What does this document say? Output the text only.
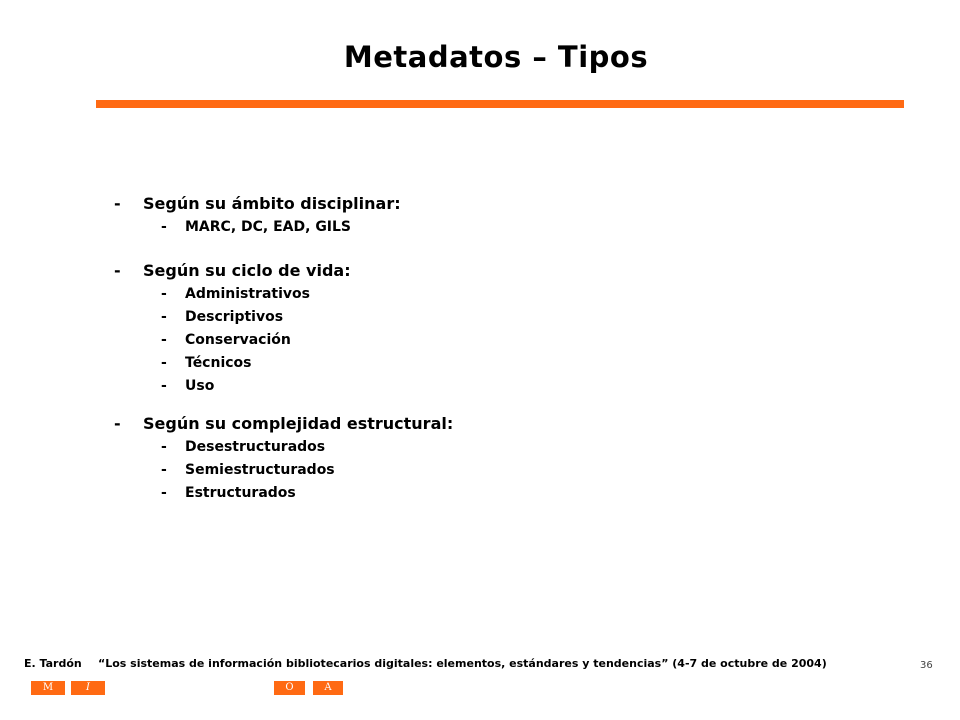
Metadatos – Tipos
- Según su ámbito disciplinar:
- MARC, DC, EAD, GILS
- Según su ciclo de vida:
- Administrativos
- Descriptivos
- Conservación
- Técnicos
- Uso
- Según su complejidad estructural:
- Desestructurados
- Semiestructurados
- Estructurados
E. Tardón “Los sistemas de información bibliotecarios digitales: elementos, estándares y tendencias” (4-7 de octubre de 2004)	36
M	I	O	A
